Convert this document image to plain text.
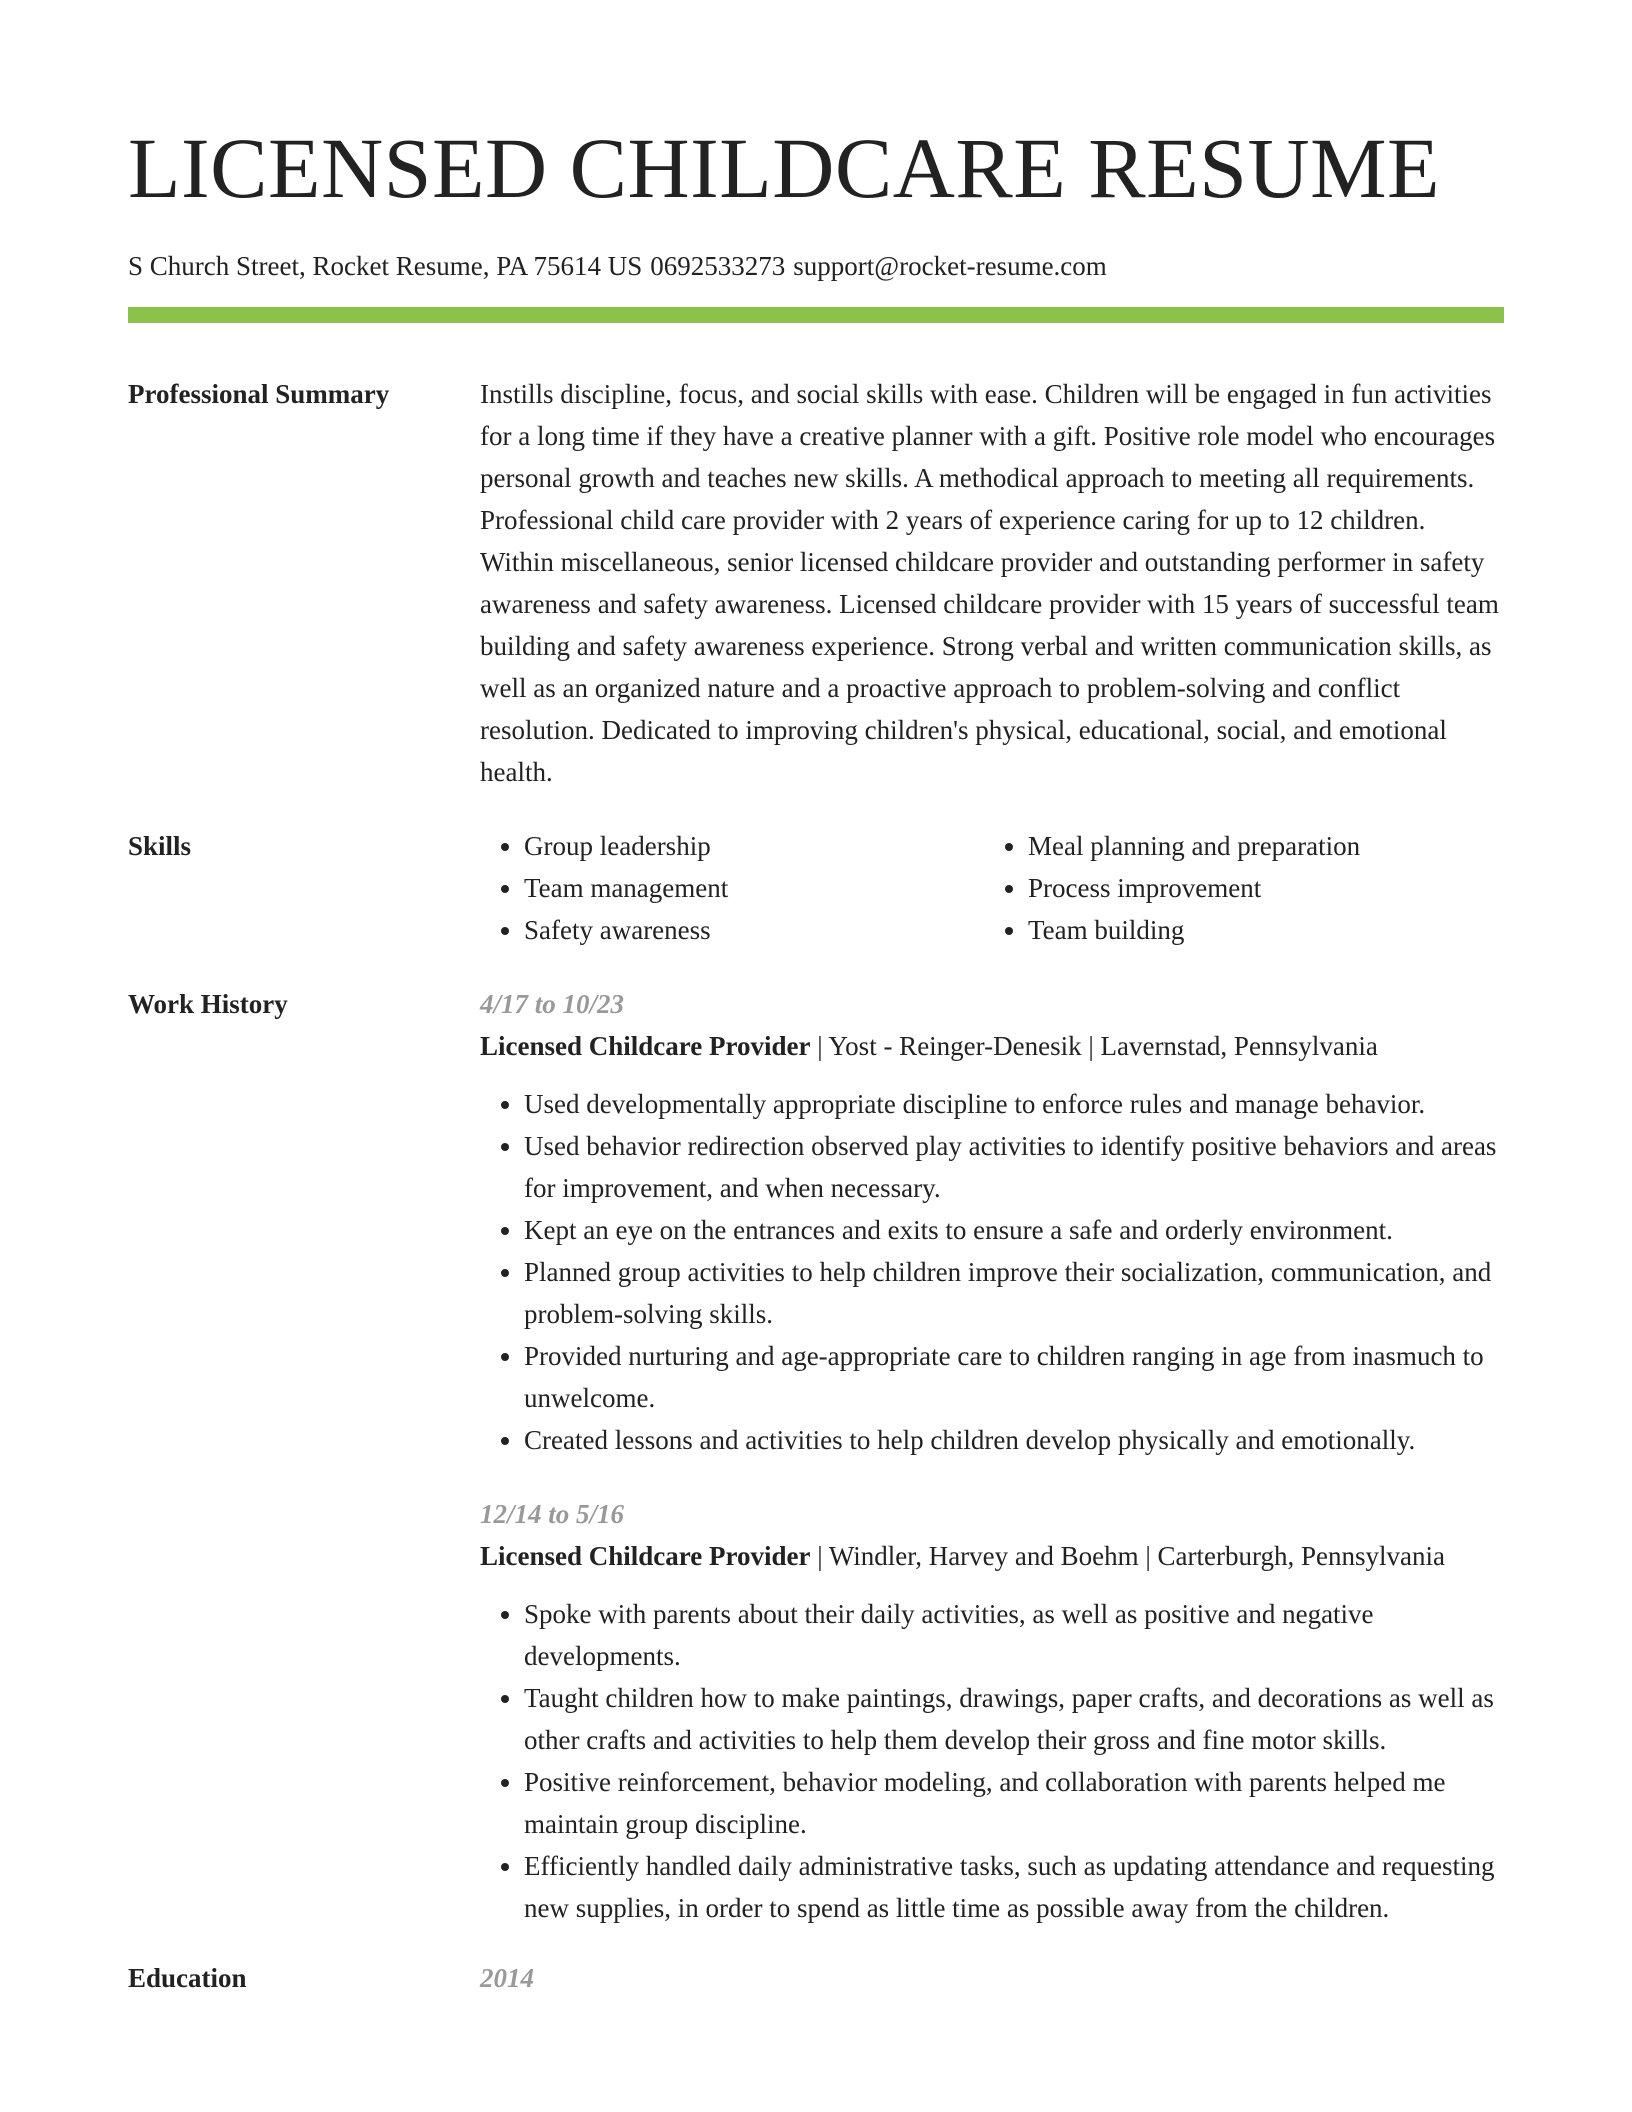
LICENSED CHILDCARE RESUME
S Church Street, Rocket Resume, PA 75614 US 0692533273 support@rocket-resume.com
Professional Summary	Instills discipline, focus, and social skills with ease. Children will be engaged in fun activities for a long time if they have a creative planner with a gift. Positive role model who encourages personal growth and teaches new skills. A methodical approach to meeting all requirements. Professional child care provider with 2 years of experience caring for up to 12 children. Within miscellaneous, senior licensed childcare provider and outstanding performer in safety awareness and safety awareness. Licensed childcare provider with 15 years of successful team building and safety awareness experience. Strong verbal and written communication skills, as well as an organized nature and a proactive approach to problem-solving and conflict resolution. Dedicated to improving children's physical, educational, social, and emotional health.

Skills
•	Group leadership
• Team management
• Safety awareness
• Meal planning and preparation
• Process improvement
• Team building
Work History	4/17 to 10/23

Licensed Childcare Provider | Yost - Reinger-Denesik | Lavernstad, Pennsylvania

• Used developmentally appropriate discipline to enforce rules and manage behavior.
• Used behavior redirection observed play activities to identify positive behaviors and areas for improvement, and when necessary.
• Kept an eye on the entrances and exits to ensure a safe and orderly environment.
• Planned group activities to help children improve their socialization, communication, and problem-solving skills.
• Provided nurturing and age-appropriate care to children ranging in age from inasmuch to unwelcome.
• Created lessons and activities to help children develop physically and emotionally.
12/14 to 5/16

Licensed Childcare Provider | Windler, Harvey and Boehm | Carterburgh, Pennsylvania

• Spoke with parents about their daily activities, as well as positive and negative developments.
• Taught children how to make paintings, drawings, paper crafts, and decorations as well as other crafts and activities to help them develop their gross and fine motor skills.
• Positive reinforcement, behavior modeling, and collaboration with parents helped me maintain group discipline.
• Efficiently handled daily administrative tasks, such as updating attendance and requesting new supplies, in order to spend as little time as possible away from the children.
Education	2014
